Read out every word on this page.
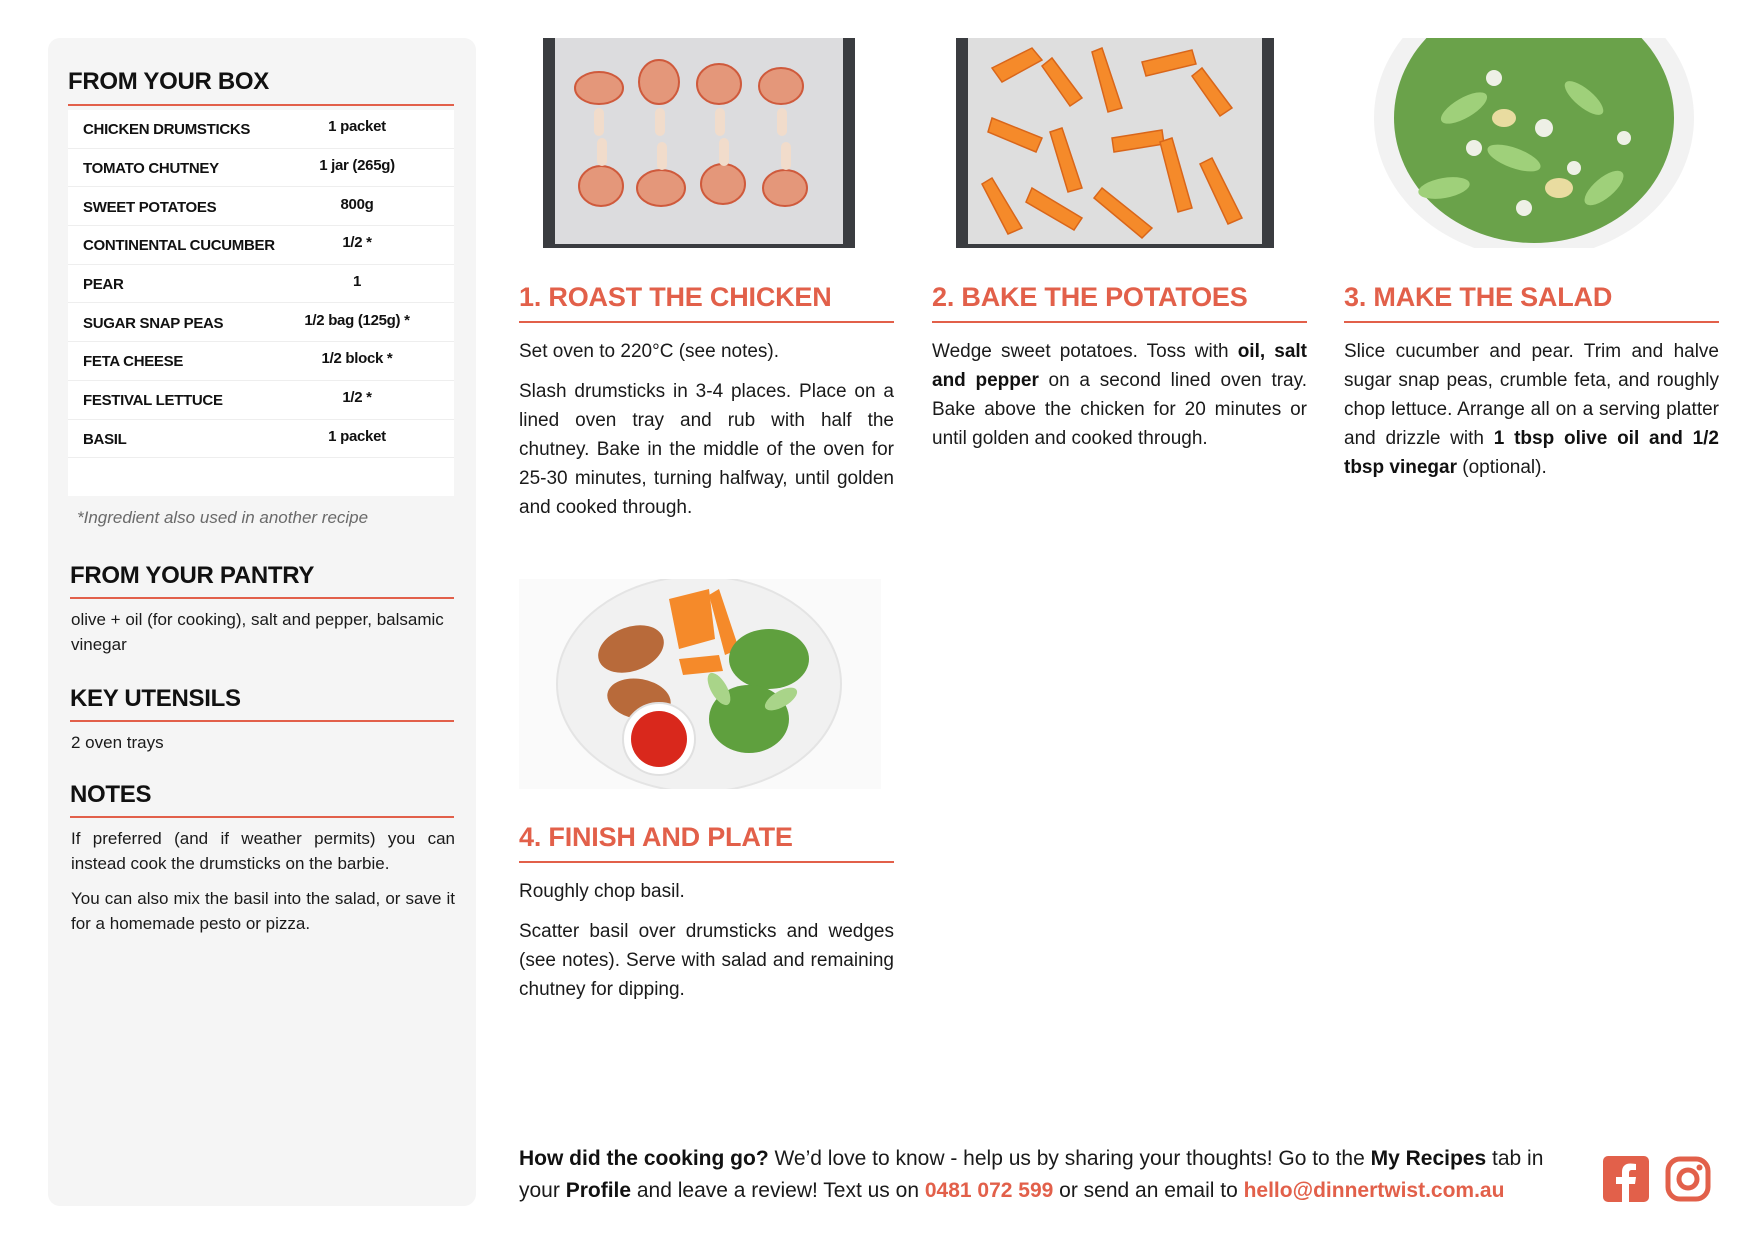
FROM YOUR BOX
CHICKEN DRUMSTICKS	1 packet
TOMATO CHUTNEY	1 jar (265g)
SWEET POTATOES	800g
CONTINENTAL CUCUMBER	1/2 *
PEAR	1
SUGAR SNAP PEAS	1/2 bag (125g) *
FETA CHEESE	1/2 block *
FESTIVAL LETTUCE	1/2 *
BASIL	1 packet
*Ingredient also used in another recipe
FROM YOUR PANTRY
olive + oil (for cooking), salt and pepper, balsamic vinegar
KEY UTENSILS
2 oven trays
NOTES
If preferred (and if weather permits) you can instead cook the drumsticks on the barbie.
You can also mix the basil into the salad, or save it for a homemade pesto or pizza.
1. ROAST THE CHICKEN

Set oven to 220°C (see notes).

Slash drumsticks in 3-4 places. Place on a lined oven tray and rub with half the chutney. Bake in the middle of the oven for 25-30 minutes, turning halfway, until golden and cooked through.

2. BAKE THE POTATOES

Wedge sweet potatoes. Toss with oil, salt and pepper on a second lined oven tray. Bake above the chicken for 20 minutes or until golden and cooked through.

3. MAKE THE SALAD

Slice cucumber and pear. Trim and halve sugar snap peas, crumble feta, and roughly chop lettuce. Arrange all on a serving platter and drizzle with 1 tbsp olive oil and 1/2 tbsp vinegar (optional).

4. FINISH AND PLATE

Roughly chop basil.

Scatter basil over drumsticks and wedges (see notes). Serve with salad and remaining chutney for dipping.

How did the cooking go? We’d love to know - help us by sharing your thoughts! Go to the My Recipes tab in your Profile and leave a review! Text us on 0481 072 599 or send an email to hello@dinnertwist.com.au
